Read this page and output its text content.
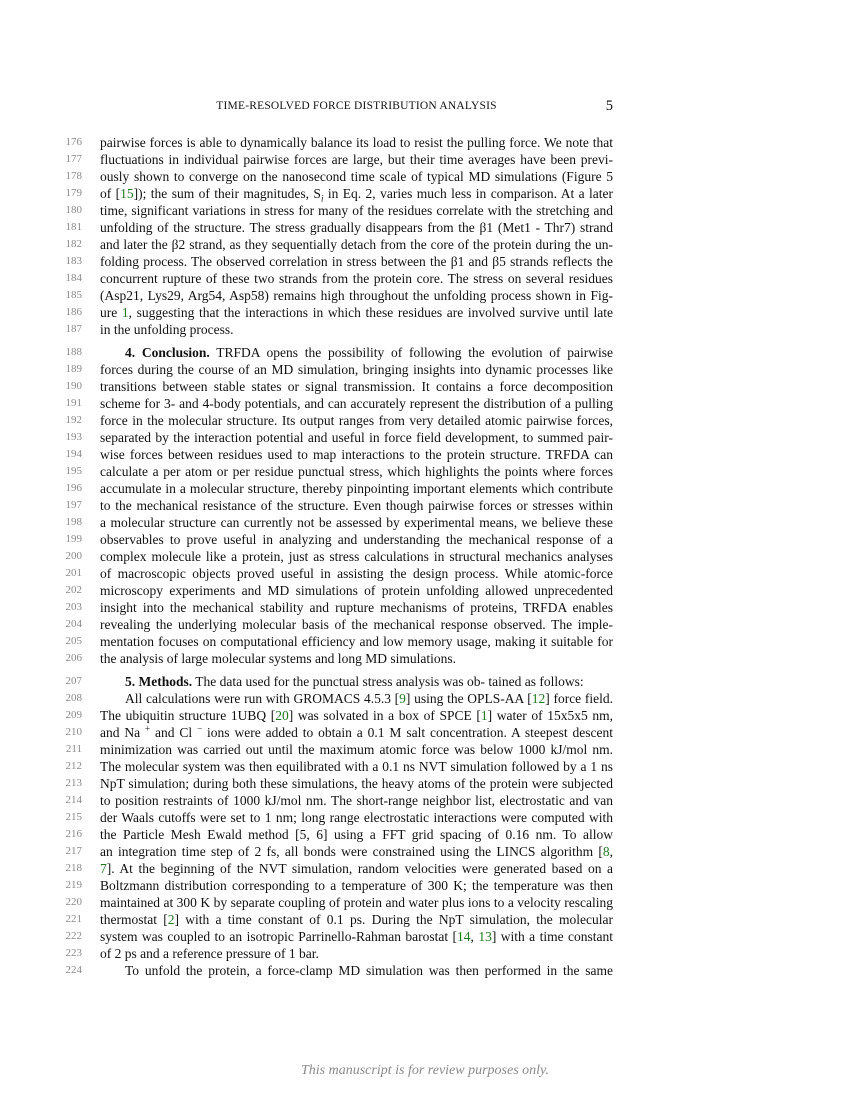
TIME-RESOLVED FORCE DISTRIBUTION ANALYSIS	5
176 pairwise forces is able to dynamically balance its load to resist the pulling force. We note that
177 fluctuations in individual pairwise forces are large, but their time averages have been previ-
178 ously shown to converge on the nanosecond time scale of typical MD simulations (Figure 5
179 of [15]); the sum of their magnitudes, $S_i$ in Eq. 2, varies much less in comparison. At a later
180 time, significant variations in stress for many of the residues correlate with the stretching and
181 unfolding of the structure. The stress gradually disappears from the β1 (Met1 - Thr7) strand
182 and later the β2 strand, as they sequentially detach from the core of the protein during the un-
183 folding process. The observed correlation in stress between the β1 and β5 strands reflects the
184 concurrent rupture of these two strands from the protein core. The stress on several residues
185 (Asp21, Lys29, Arg54, Asp58) remains high throughout the unfolding process shown in Fig-
186 ure 1, suggesting that the interactions in which these residues are involved survive until late
187 in the unfolding process.
188	4. Conclusion. TRFDA opens the possibility of following the evolution of pairwise
189 forces during the course of an MD simulation, bringing insights into dynamic processes like
190 transitions between stable states or signal transmission. It contains a force decomposition
191 scheme for 3- and 4-body potentials, and can accurately represent the distribution of a pulling
192 force in the molecular structure. Its output ranges from very detailed atomic pairwise forces,
193 separated by the interaction potential and useful in force field development, to summed pair-
194 wise forces between residues used to map interactions to the protein structure. TRFDA can
195 calculate a per atom or per residue punctual stress, which highlights the points where forces
196 accumulate in a molecular structure, thereby pinpointing important elements which contribute
197 to the mechanical resistance of the structure. Even though pairwise forces or stresses within
198 a molecular structure can currently not be assessed by experimental means, we believe these
199 observables to prove useful in analyzing and understanding the mechanical response of a
200 complex molecule like a protein, just as stress calculations in structural mechanics analyses
201 of macroscopic objects proved useful in assisting the design process. While atomic-force
202 microscopy experiments and MD simulations of protein unfolding allowed unprecedented
203 insight into the mechanical stability and rupture mechanisms of proteins, TRFDA enables
204 revealing the underlying molecular basis of the mechanical response observed. The imple-
205 mentation focuses on computational efficiency and low memory usage, making it suitable for
206 the analysis of large molecular systems and long MD simulations.
207	5. Methods. The data used for the punctual stress analysis was ob- tained as follows:
208	All calculations were run with GROMACS 4.5.3 [9] using the OPLS-AA [12] force field.
209 The ubiquitin structure 1UBQ [20] was solvated in a box of SPCE [1] water of 15x5x5 nm,
210 and Na + and Cl − ions were added to obtain a 0.1 M salt concentration. A steepest descent
211 minimization was carried out until the maximum atomic force was below 1000 kJ/mol nm.
212 The molecular system was then equilibrated with a 0.1 ns NVT simulation followed by a 1 ns
213 NpT simulation; during both these simulations, the heavy atoms of the protein were subjected
214 to position restraints of 1000 kJ/mol nm. The short-range neighbor list, electrostatic and van
215 der Waals cutoffs were set to 1 nm; long range electrostatic interactions were computed with
216 the Particle Mesh Ewald method [5, 6] using a FFT grid spacing of 0.16 nm. To allow
217 an integration time step of 2 fs, all bonds were constrained using the LINCS algorithm [8,
218 7]. At the beginning of the NVT simulation, random velocities were generated based on a
219 Boltzmann distribution corresponding to a temperature of 300 K; the temperature was then
220 maintained at 300 K by separate coupling of protein and water plus ions to a velocity rescaling
221 thermostat [2] with a time constant of 0.1 ps. During the NpT simulation, the molecular
222 system was coupled to an isotropic Parrinello-Rahman barostat [14, 13] with a time constant
223 of 2 ps and a reference pressure of 1 bar.
224	To unfold the protein, a force-clamp MD simulation was then performed in the same
This manuscript is for review purposes only.
